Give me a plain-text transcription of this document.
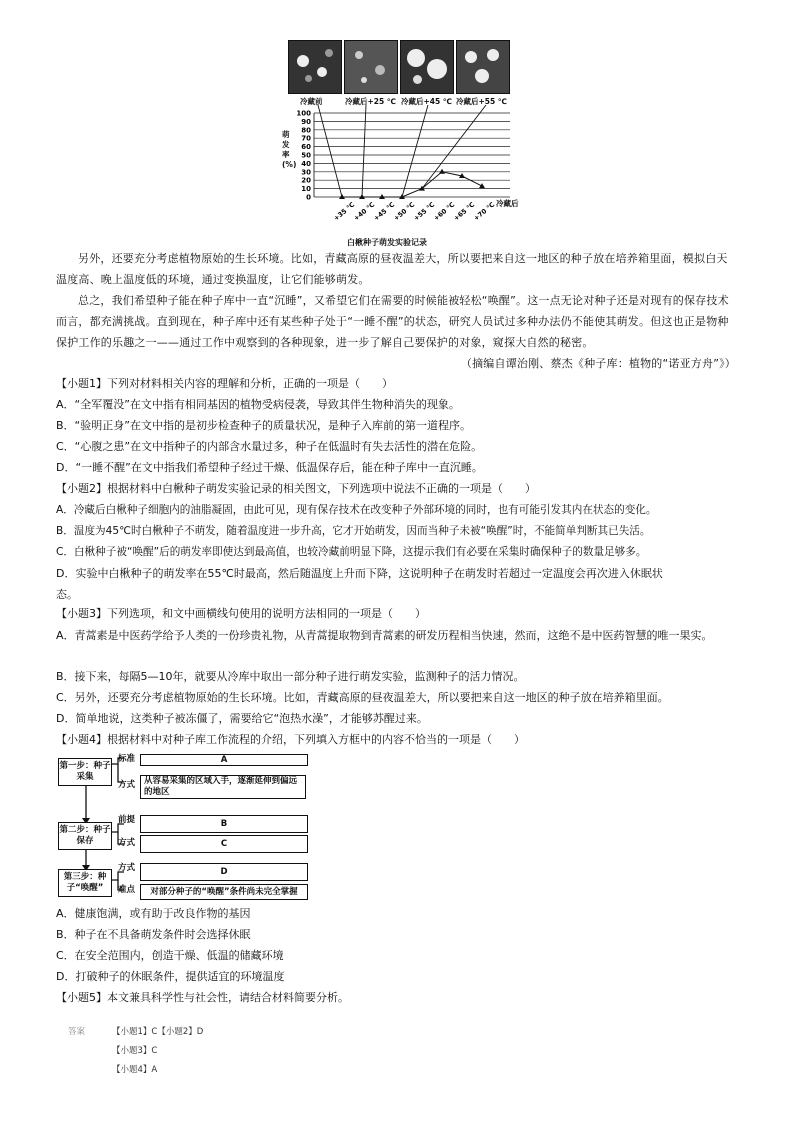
冷藏前	冷藏后+25 ℃ 冷藏后+45 ℃ 冷藏后+55 ℃
0
10
20
30
40
50
60
70
80
90
100
+35 ℃
+40 ℃
+45 ℃
+50 ℃
+55 ℃
+60 ℃
+65 ℃
+70 ℃
萌发率(%)
冷藏后
白楸种子萌发实验记录
另外，还要充分考虑植物原始的生长环境。比如，青藏高原的昼夜温差大，所以要把来自这一地区的种子放在培养箱里面，模拟白天温度高、晚上温度低的环境，通过变换温度，让它们能够萌发。
总之，我们希望种子能在种子库中一直“沉睡”，又希望它们在需要的时候能被轻松“唤醒”。这一点无论对种子还是对现有的保存技术而言，都充满挑战。直到现在，种子库中还有某些种子处于“一睡不醒”的状态，研究人员试过多种办法仍不能使其萌发。但这也正是物种保护工作的乐趣之一——通过工作中观察到的各种现象，进一步了解自己要保护的对象，窥探大自然的秘密。
（摘编自谭治刚、蔡杰《种子库：植物的“诺亚方舟”》）
【小题1】下列对材料相关内容的理解和分析，正确的一项是（　　）
A．“全军覆没”在文中指有相同基因的植物受病侵袭，导致其伴生物种消失的现象。
B．“验明正身”在文中指的是初步检查种子的质量状况，是种子入库前的第一道程序。
C．“心腹之患”在文中指种子的内部含水量过多，种子在低温时有失去活性的潜在危险。
D．“一睡不醒”在文中指我们希望种子经过干燥、低温保存后，能在种子库中一直沉睡。
【小题2】根据材料中白楸种子萌发实验记录的相关图文，下列选项中说法不正确的一项是（　　）
A．冷藏后白楸种子细胞内的油脂凝固，由此可见，现有保存技术在改变种子外部环境的同时，也有可能引发其内在状态的变化。
B．温度为45℃时白楸种子不萌发，随着温度进一步升高，它才开始萌发，因而当种子未被“唤醒”时，不能简单判断其已失活。
C．白楸种子被“唤醒”后的萌发率即使达到最高值，也较冷藏前明显下降，这提示我们有必要在采集时确保种子的数量足够多。
D．实验中白楸种子的萌发率在55℃时最高，然后随温度上升而下降，这说明种子在萌发时若超过一定温度会再次进入休眠状态。
【小题3】下列选项，和文中画横线句使用的说明方法相同的一项是（　　）
A．青蒿素是中医药学给予人类的一份珍贵礼物，从青蒿提取物到青蒿素的研发历程相当快速，然而，这绝不是中医药智慧的唯一果实。
B．接下来，每隔5—10年，就要从冷库中取出一部分种子进行萌发实验，监测种子的活力情况。
C．另外，还要充分考虑植物原始的生长环境。比如，青藏高原的昼夜温差大，所以要把来自这一地区的种子放在培养箱里面。
D．简单地说，这类种子被冻僵了，需要给它“泡热水澡”，才能够苏醒过来。
【小题4】根据材料中对种子库工作流程的介绍，下列填入方框中的内容不恰当的一项是（　　）
第一步：种子采集
第二步：种子保存
第三步：种子“唤醒”
标准
方式
前提
方式
方式
难点
A
从容易采集的区域入手，逐渐延伸到偏远的地区
B
C
D
对部分种子的“唤醒”条件尚未完全掌握
A．健康饱满，或有助于改良作物的基因
B．种子在不具备萌发条件时会选择休眠
C．在安全范围内，创造干燥、低温的储藏环境
D．打破种子的休眠条件，提供适宜的环境温度
【小题5】本文兼具科学性与社会性，请结合材料简要分析。
答案	【小题1】C【小题2】D
【小题3】C
【小题4】A
